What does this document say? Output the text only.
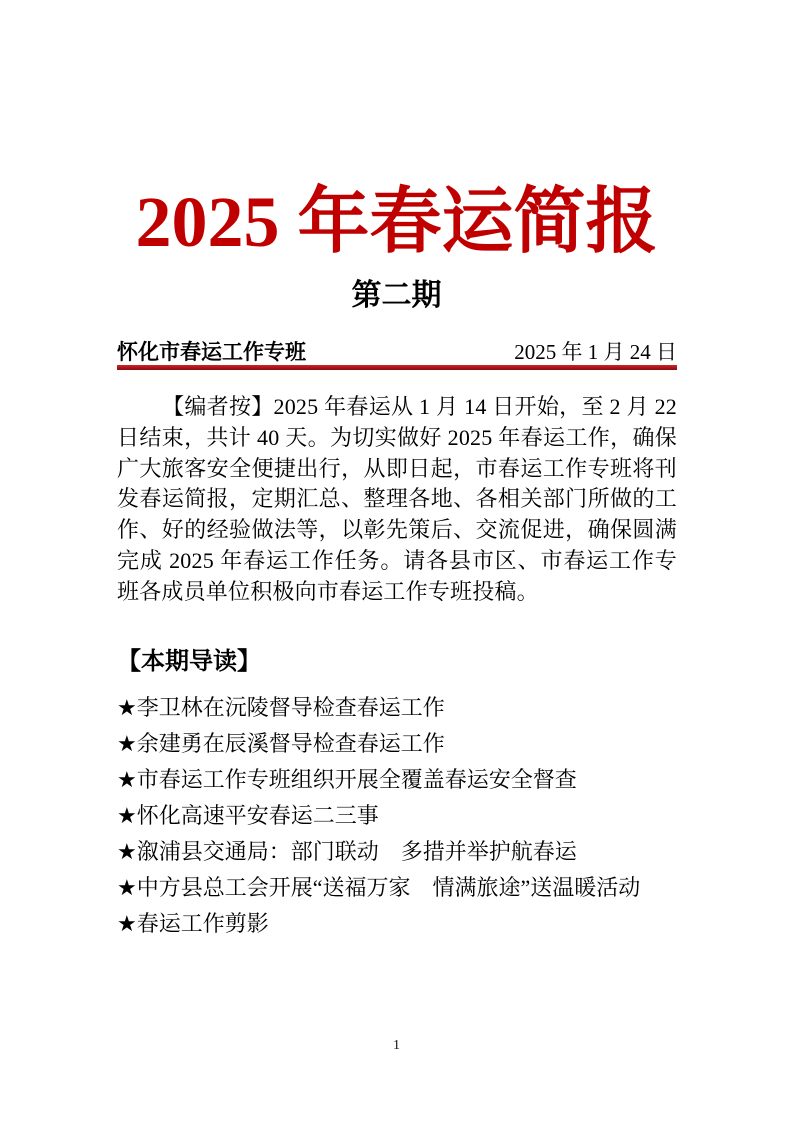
2025 年春运简报
第二期
怀化市春运工作专班	2025 年 1 月 24 日

【编者按】2025 年春运从 1 月 14 日开始，至 2 月 22 日结束，共计 40 天。为切实做好 2025 年春运工作，确保广大旅客安全便捷出行，从即日起，市春运工作专班将刊发春运简报，定期汇总、整理各地、各相关部门所做的工作、好的经验做法等，以彰先策后、交流促进，确保圆满完成 2025 年春运工作任务。请各县市区、市春运工作专班各成员单位积极向市春运工作专班投稿。

【本期导读】
★李卫林在沅陵督导检查春运工作
★余建勇在辰溪督导检查春运工作
★市春运工作专班组织开展全覆盖春运安全督查
★怀化高速平安春运二三事
★溆浦县交通局：部门联动　多措并举护航春运
★中方县总工会开展“送福万家　情满旅途”送温暖活动
★春运工作剪影
1
